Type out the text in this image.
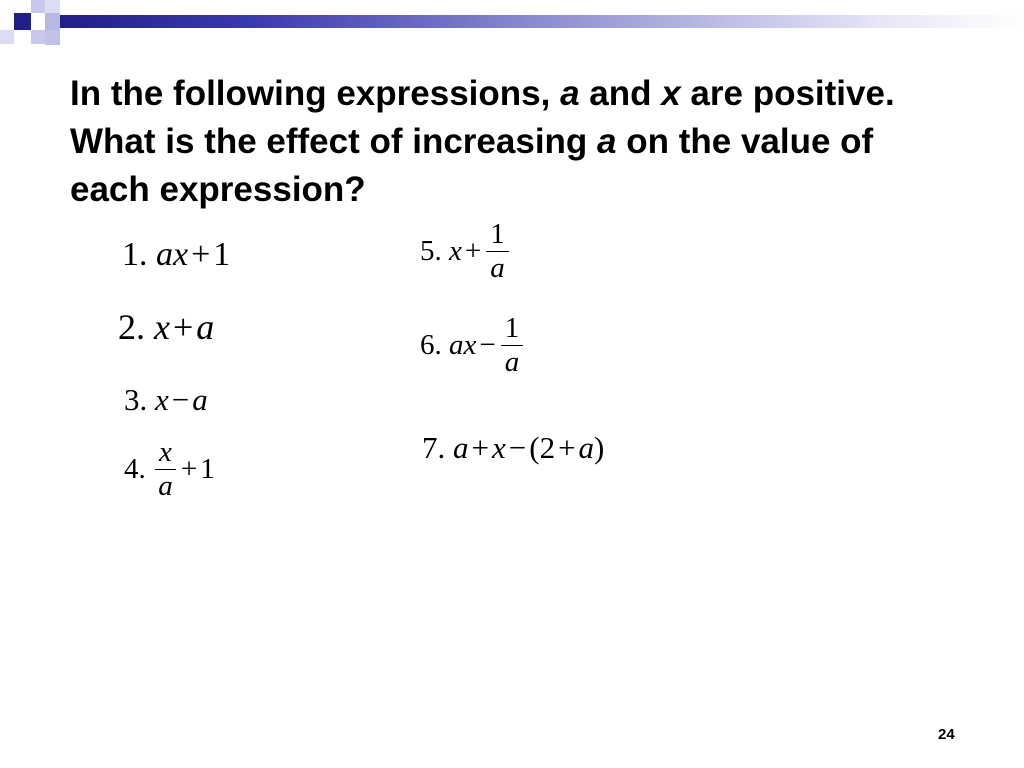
In the following expressions, a and x are positive. What is the effect of increasing a on the value of each expression?

1. ax+1
2. x+a
3. x−a
4. $\frac{x}{a} + 1$
5. $x + \frac{1}{a}$
6. ax − $\frac{1}{a}$
7. a+x−(2+a)
24
